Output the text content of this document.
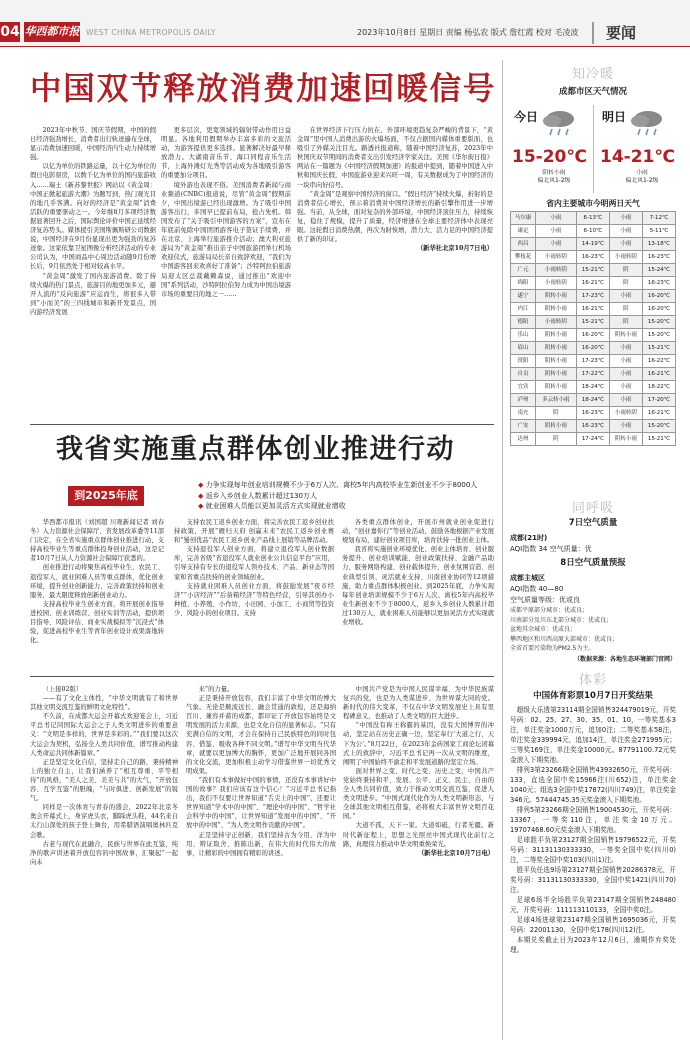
04 华西都市报 WEST CHINA METROPOLIS DAILY	2023年10月8日 星期日 责编 杨弘农 版式 詹红霞 校对 毛凌波	要闻
中国双节释放消费加速回暖信号

2023年中秋节、国庆节假期，中国的假日经济强劲增长，消费者出行轨迹遍布全球，显示消费加速回暖，中国经济内生动力持续增强。

以亿为单位的铁路运量，以十亿为单位的假日电影票房，以数千亿为单位的国内旅游收入……瑞士《新苏黎世报》网站以《黄金周：中国正掀起旅游大潮》为题写到，热门观光目的地几乎客满。向好的经济是“黄金周”消费活跃的重要驱动之一。今年继8月多项经济数据显著回升之后，国际舆论评价中国正延续经济复苏势头。媒体援引美国斯佩斯研公司数据说，中国经济在9月份显现出更为强劲的复苏迹象。这家依靠卫星图像分析经济活动的专业公司认为，中国商品中心周边活动随9月份增长后，9月依然处于相对较高水平。

“黄金周”激发了国内旅游消费。除了持续火爆的热门景点，旅游目的地更加多元，避开人流的“反向旅游”应运而生，将很多人带到“小而美”的三四线城市和新开发景点，国内游经济发展

更多层次，更宽领域的辐射带动作用日益明显。各地利用假期举办丰富多彩的文旅活动，为游客提供更多选择。显著解决好最早释放潜力。大湖南音乐节、海口同程音乐生活节，上海外滩灯光秀等活动成为各地吸引游客的重要加分项目。

境外游也表现不俗。美国消费者新闻与商业频道(CNBC)报道说，尽管“黄金周”假期前夕，中国出境游已经出现激增。为了吸引中国游客出行，多国早已提前布局，抢占先机。韩国发布了“关于吸引中国游客的方案”，宣布在年底前免除中国团团游客电子签证手续费，并在北京、上海举行旅游推介活动；澳大利亚旅游局为“黄金周”推出亲子中国旅游团举行机场欢迎仪式，旅游局局长亲自致辞欢迎，“我们为中国游客回来欢喜好了准备”；沙特阿拉伯旅游局迎太区总裁戴赖森说，通过推出“欢迎中国”系列活动，沙特阿拉伯努力成为中国出境游市场的重要目的地之一……

在世界经济下行压力抗在、外部环境更趋复杂严峻的背景下，“黄金周”里中国人消费出游的火爆场面，不仅占据国内媒体重要版面，也吸引了外媒关注目光。路透社报道称，随着中国经济复苏，2023年中秋国庆双节期间的消费者支出引发经济学家关注。美国《华尔街日报》网站在一篇题为《中国经济假期加速》的报道中提到，随着中国进入中秋和国庆长假，中国旅游业迎来兴旺一周，有关数据成为了中国经济的一块串向好信号。

“黄金周”是观察中国经济的窗口。“假日经济”持续火爆，折射的是消费者信心增长，预示着消费对中国经济增长的新引擎作用进一步增强。当前，从全球，面对复杂的外部环境，中国经济顶住压力，持续恢复，稳住了规模，提升了质量，经济增速在全球主要经济体中表现亮眼。这轮假日消费热潮，再次为財恢增，潜力大、活力足的中国经济提供了新的印证。

（新华社北京10月7日电）
我省实施重点群体创业推进行动
到2025年底
◆ 力争实现每年创业培训规模不少于6万人次、离校5年内高校毕业生新创业不少于8000人
◆ 返乡入乡创业人数累计超过130万人
◆ 就业困难人员能以更加灵活方式实现就业增收

华西都市报讯（刘国超 川观新闻记者 刘春冬）入力资源社会保障厅、省发展改革委等11部门决定，在全省实施重点群体创业推进行动，支持高校毕业生等重点群体投身创业活动，这是记者10月7日从人力资源社会保障厅获悉的。

创业推进行动将聚焦高校毕业生、农民工、退役军人、就业困难人员等重点群体，优化创业环境，提升创业创新能力，完善政策扶持和创业服务，最大限度释放创新创业动力。

支持高校毕业生创业方面，将开展创业指导进校园、创业训练营、创业实训等活动，提供项目指导、风险评估、商业实战模拟等“沉浸式”体验，促进高校毕业生等青年创业设计成果落地转化。

支持农民工返乡创业方面，将完善农民工返乡创业扶持政策，开展“雁归天府 创赢未来”农民工返乡创业赛和“蜀创优品”农民工返乡创业产品线上展销等品牌活动。

支持退役军人创业方面，将建立退役军人创业数据库，完善省级“省退役军人就业创业公共信息平台”应用，引导支持有专长的退役军人领办技术、产品、新业态等国家和省重点扶持的创业领域创业。

支持就业困难人员创业方面，将鼓励发展“夜市经济”“小店经济”“后备箱经济”等特色经营，引导其创办小种植、小养殖、小作坊、小田园、小加工、小商贸等投资少、风险小的创业项目。支持

各类重点群体创业，开展市州就业创业促进行动，“创业嘉你行”等创业活动，鼓励各地根据产业发展规划布局，建好创业项目库，培育扶持一批创业主体。

我省将实施创业环境优化、创业主体培育、创业服务提升、创业培训赋能、创业政策扶持、金融产品助力、服务网络构建、创业载体提升、创业氛围营造、创业典型引领、灵活就业支持、川南创业协同等12项措施，助力重点群体积极创业。到2025年底，力争实现每年创业培训规模不少于6万人次、离校5年内高校毕业生新创业不少于8000人，返乡入乡创业人数累计超过130万人，就业困难人员能够以更加灵活方式实现就业增收。

（上接02版）

——有了文化主体性，“中华文明就有了和世界其他文明交流互鉴的鲜明文化特性”。

不久前，在成都大运会开幕式欢迎宴会上，习近平总书记同国际大运会之子人类文明进步的重要意义：“文明是多样的，世界是多彩的。”“我们要以这次大运会为契机，弘扬全人类共同价值，谱写推动构建人类命运共同体新篇章。”

正是坚定文化自信，坚持走自己的路，秉持精神上的独立自主，让我们涵养了“相互尊重、平等相待”的风格，“美人之美、美美与共”的大气，“开放包容、互学互鉴”的胆魄，“与时俱进、创新发展”的锐气。

同样是一次体育与青春的盛会，2022年北京冬奥会开幕式上，身穿虎头衣，脚踩虎头鞋，44名来自太行山深处的孩子登上舞台，用希腊语演唱奥林匹克会歌。

古老与现代在此融合，民族与世界在此互鉴，纯净的歌声讲述着开放包容的中国故事，汇聚起“一起向未

来”的力量。

正是秉持开放包容，我们丰富了中华文明的博大气象。无论是顺流远长、融会贯通的敦煌，还是海纳百川、兼容并蓄的成都，都印证了开放包容始终是文明发展的活力来源，也是文化自信的显著标志。“只有充满自信的文明，才会在保持自己民族特色的同时包容、借鉴、吸收各种不同文明。”谱写中华文明当代华章，就要以更加博大的胸怀，更加广泛地开展同各国的文化交流，更加积极主动学习借鉴世界一切优秀文明成果。

“我们有本事做好中国的事情，还没有本事讲好中国的故事？我们应该有这个信心！”习近平总书记指出，我们不仅要让世界知道“舌尖上的中国”，还要让世界知道“学术中的中国”、“理论中的中国”、“哲学社会科学中的中国”，让世界知道“发展中的中国”、“开放中的中国”、“为人类文明作贡献的中国”。

正是坚持守正创新，我们坚持古为今用、洋为中用、辩证取舍、推陈出新，在伟大的时代伟大的故事，让精彩的中国拥有精彩的讲述。

中国共产党是为中国人民谋幸福、为中华民族谋复兴的党，也是为人类谋进步、为世界谋大同的党。新时代的伟大变革，不仅在中华文明发展史上具有里程碑意义，也推动了人类文明的巨大进步。

“中国没有称王称霸的基因，没有大国博弈的冲动，坚定站在历史正确一边，坚定奉行‘大道之行，天下为公’。”8月22日，在2023年金砖国家工商论坛闭幕式上的致辞中，习近平总书记再一次从文明的维度，阐明了中国始终不渝走和平发展道路的坚定立场。

面对世界之变、时代之变、历史之变，中国共产党始终秉持和平、发展、公平、正义、民主、自由的全人类共同价值，致力于推动文明交流互鉴，促进人类文明进步。“中国式现代化作为人类文明新形态，与全球其他文明相互借鉴，必将极大丰富世界文明百花园。”

大道不孤，天下一家。大道如砥，行者无疆。新时代新征程上，思想之光照亮中国式现代化前行之路，真理伟力推动中华文明重焕荣光。

（新华社北京10月7日电）
知冷暖
成都市区天气情况
今日
15-20℃
阴转小雨
偏北风1-2级
明日
14-21℃
小雨
偏北风1-2级
省内主要城市今明两日天气
马尔康	小雨	6-13℃	小雨	7-12℃
康定	小雨	6-10℃	小雨	5-11℃
西昌	小雨	14-19℃	小雨	13-18℃
攀枝花	小雨转阴	16-23℃	小雨转阴	16-23℃
广元	小雨转阴	15-21℃	阴	15-24℃
绵阳	小雨转阴	16-21℃	阴	16-23℃
遂宁	阴转小雨	17-23℃	小雨	16-20℃
内江	阴转小雨	16-21℃	阴	16-20℃
德阳	小雨转阴	15-21℃	阴	15-20℃
乐山	阴转小雨	16-20℃	阴转小雨	15-20℃
眉山	阴转小雨	16-20℃	小雨	15-21℃
资阳	阴转小雨	17-23℃	小雨	16-22℃
自贡	阴转小雨	17-22℃	小雨	16-21℃
宜宾	阴转小雨	18-24℃	小雨	18-22℃
泸州	多云转小雨	18-24℃	小雨	17-20℃
南充	阴	16-23℃	小雨转阴	16-21℃
广安	阴转小雨	16-23℃	小雨	15-20℃
达州	阴	17-24℃	阴转小雨	15-21℃
同呼吸
7日空气质量
成都(21时)
AQI指数 34 空气质量：优
8日空气质量预报
成都主城区
AQI指数 40—80
空气质量等级：优或良
成都平原部分城市：优或良；
川南部分及川东北部分城市：优或良；
盆地其余城市：优或良；
攀西地区和川西高原大部城市：优或良；
全省首要污染物为PM2.5为主。
（数据来源：各地生态环境部门官网）
体彩
中国体育彩票10月7日开奖结果

超级大乐透第23114期全国销售324479019元，开奖号码：02、25、27、30、35、01、10，一等奖基本3注，单注奖金1000万元，追加0注；二等奖基本58注，单注奖金339994元，追加14注，单注奖金271995元；三等奖169注，单注奖金10000元。87791100.72元奖金滚入下期奖池。

排列3第23266期全国销售43932650元，开奖号码：133，直选全国中奖15966注(川652)注，单注奖金1040元；组选3全国中奖17872(四川749)注，单注奖金346元。57444745.35元奖金滚入下期奖池。

排列5第23266期全国销售19004530元，开奖号码：13367，一等奖110注，单注奖金10万元。19707468.60元奖金滚入下期奖池。

足球胜平负第23127期全国销售19796522元，开奖号码：31131130333330，一等奖全国中奖(四川0)注，二等奖全国中奖103(四川1)注。

胜平负任选9场第23127期全国销售20286378元，开奖号码：31131130333330，全国中奖1421(四川70)注。

足球6场半全场胜平负第23147期全国销售248480元，开奖号码：111113110133，全国中奖0注。

足球4场进球第23147期全国销售1695036元，开奖号码：22001130，全国中奖178(四川12)注。

本期兑奖截止日为2023年12月6日，逾期作弃奖处理。
